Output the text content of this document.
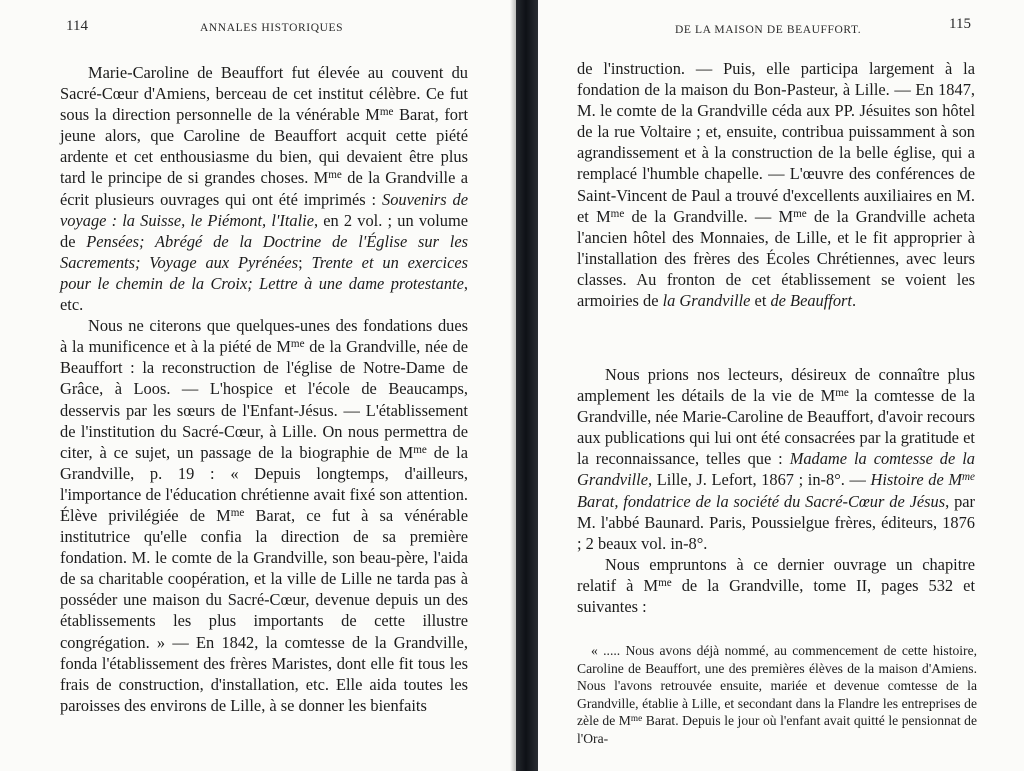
114	ANNALES HISTORIQUES

Marie-Caroline de Beauffort fut élevée au couvent du Sacré-Cœur d'Amiens, berceau de cet institut célèbre. Ce fut sous la direction personnelle de la vénérable $M^{me}$ Barat, fort jeune alors, que Caroline de Beauffort acquit cette piété ardente et cet enthousiasme du bien, qui devaient être plus tard le principe de si grandes choses. $M^{me}$ de la Grandville a écrit plusieurs ouvrages qui ont été imprimés : Souvenirs de voyage : la Suisse, le Piémont, l'Italie, en 2 vol. ; un volume de Pensées; Abrégé de la Doctrine de l'Église sur les Sacrements; Voyage aux Pyrénées; Trente et un exercices pour le chemin de la Croix; Lettre à une dame protestante, etc.

Nous ne citerons que quelques-unes des fondations dues à la munificence et à la piété de $M^{me}$ de la Grandville, née de Beauffort : la reconstruction de l'église de Notre-Dame de Grâce, à Loos. — L'hospice et l'école de Beaucamps, desservis par les sœurs de l'Enfant-Jésus. — L'établissement de l'institution du Sacré-Cœur, à Lille. On nous permettra de citer, à ce sujet, un passage de la biographie de $M^{me}$ de la Grandville, p. 19 : « Depuis longtemps, d'ailleurs, l'importance de l'éducation chrétienne avait fixé son attention. Élève privilégiée de $M^{me}$ Barat, ce fut à sa vénérable institutrice qu'elle confia la direction de sa première fondation. M. le comte de la Grandville, son beau-père, l'aida de sa charitable coopération, et la ville de Lille ne tarda pas à posséder une maison du Sacré-Cœur, devenue depuis un des établissements les plus importants de cette illustre congrégation. » — En 1842, la comtesse de la Grandville, fonda l'établissement des frères Maristes, dont elle fit tous les frais de construction, d'installation, etc. Elle aida toutes les paroisses des environs de Lille, à se donner les bienfaits

DE LA MAISON DE BEAUFFORT.	115

de l'instruction. — Puis, elle participa largement à la fondation de la maison du Bon-Pasteur, à Lille. — En 1847, M. le comte de la Grandville céda aux PP. Jésuites son hôtel de la rue Voltaire ; et, ensuite, contribua puissamment à son agrandissement et à la construction de la belle église, qui a remplacé l'humble chapelle. — L'œuvre des conférences de Saint-Vincent de Paul a trouvé d'excellents auxiliaires en M. et $M^{me}$ de la Grandville. — $M^{me}$ de la Grandville acheta l'ancien hôtel des Monnaies, de Lille, et le fit approprier à l'installation des frères des Écoles Chrétiennes, avec leurs classes. Au fronton de cet établissement se voient les armoiries de la Grandville et de Beauffort.

Nous prions nos lecteurs, désireux de connaître plus amplement les détails de la vie de $M^{me}$ la comtesse de la Grandville, née Marie-Caroline de Beauffort, d'avoir recours aux publications qui lui ont été consacrées par la gratitude et la reconnaissance, telles que : Madame la comtesse de la Grandville, Lille, J. Lefort, 1867 ; in-8°. — Histoire de $M^{me}$ Barat, fondatrice de la société du Sacré-Cœur de Jésus, par M. l'abbé Baunard. Paris, Poussielgue frères, éditeurs, 1876 ; 2 beaux vol. in-8°.

Nous empruntons à ce dernier ouvrage un chapitre relatif à $M^{me}$ de la Grandville, tome II, pages 532 et suivantes :

« ..... Nous avons déjà nommé, au commencement de cette histoire, Caroline de Beauffort, une des premières élèves de la maison d'Amiens. Nous l'avons retrouvée ensuite, mariée et devenue comtesse de la Grandville, établie à Lille, et secondant dans la Flandre les entreprises de zèle de $M^{me}$ Barat. Depuis le jour où l'enfant avait quitté le pensionnat de l'Ora-
